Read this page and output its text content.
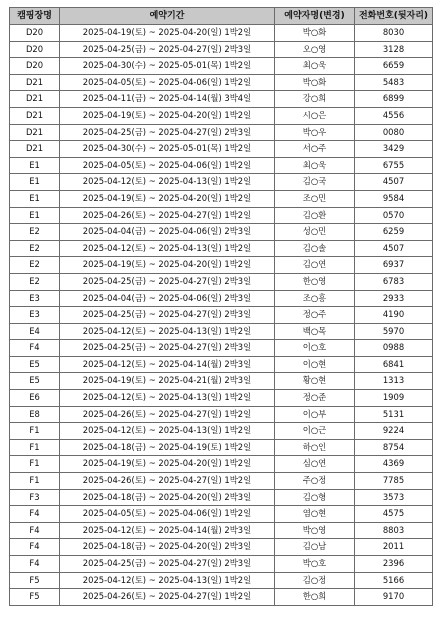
캠핑장명	예약기간	예약자명(변경)	전화번호(뒷자리)
D20	2025-04-19(토) ~ 2025-04-20(일) 1박2일	박○화	8030
D20	2025-04-25(금) ~ 2025-04-27(일) 2박3일	오○영	3128
D20	2025-04-30(수) ~ 2025-05-01(목) 1박2일	최○욱	6659
D21	2025-04-05(토) ~ 2025-04-06(일) 1박2일	박○화	5483
D21	2025-04-11(금) ~ 2025-04-14(월) 3박4일	강○희	6899
D21	2025-04-19(토) ~ 2025-04-20(일) 1박2일	시○은	4556
D21	2025-04-25(금) ~ 2025-04-27(일) 2박3일	박○우	0080
D21	2025-04-30(수) ~ 2025-05-01(목) 1박2일	서○주	3429
E1	2025-04-05(토) ~ 2025-04-06(일) 1박2일	최○욱	6755
E1	2025-04-12(토) ~ 2025-04-13(일) 1박2일	김○국	4507
E1	2025-04-19(토) ~ 2025-04-20(일) 1박2일	조○민	9584
E1	2025-04-26(토) ~ 2025-04-27(일) 1박2일	김○환	0570
E2	2025-04-04(금) ~ 2025-04-06(일) 2박3일	성○민	6259
E2	2025-04-12(토) ~ 2025-04-13(일) 1박2일	김○솔	4507
E2	2025-04-19(토) ~ 2025-04-20(일) 1박2일	김○연	6937
E2	2025-04-25(금) ~ 2025-04-27(일) 2박3일	한○영	6783
E3	2025-04-04(금) ~ 2025-04-06(일) 2박3일	조○흥	2933
E3	2025-04-25(금) ~ 2025-04-27(일) 2박3일	정○주	4190
E4	2025-04-12(토) ~ 2025-04-13(일) 1박2일	백○목	5970
F4	2025-04-25(금) ~ 2025-04-27(일) 2박3일	이○호	0988
E5	2025-04-12(토) ~ 2025-04-14(월) 2박3일	이○현	6841
E5	2025-04-19(토) ~ 2025-04-21(월) 2박3일	황○현	1313
E6	2025-04-12(토) ~ 2025-04-13(일) 1박2일	정○준	1909
E8	2025-04-26(토) ~ 2025-04-27(일) 1박2일	이○부	5131
F1	2025-04-12(토) ~ 2025-04-13(일) 1박2일	이○근	9224
F1	2025-04-18(금) ~ 2025-04-19(토) 1박2일	하○인	8754
F1	2025-04-19(토) ~ 2025-04-20(일) 1박2일	심○연	4369
F1	2025-04-26(토) ~ 2025-04-27(일) 1박2일	주○정	7785
F3	2025-04-18(금) ~ 2025-04-20(일) 2박3일	김○형	3573
F4	2025-04-05(토) ~ 2025-04-06(일) 1박2일	염○현	4575
F4	2025-04-12(토) ~ 2025-04-14(월) 2박3일	박○영	8803
F4	2025-04-18(금) ~ 2025-04-20(일) 2박3일	김○남	2011
F4	2025-04-25(금) ~ 2025-04-27(일) 2박3일	박○호	2396
F5	2025-04-12(토) ~ 2025-04-13(일) 1박2일	김○정	5166
F5	2025-04-26(토) ~ 2025-04-27(일) 1박2일	한○희	9170
